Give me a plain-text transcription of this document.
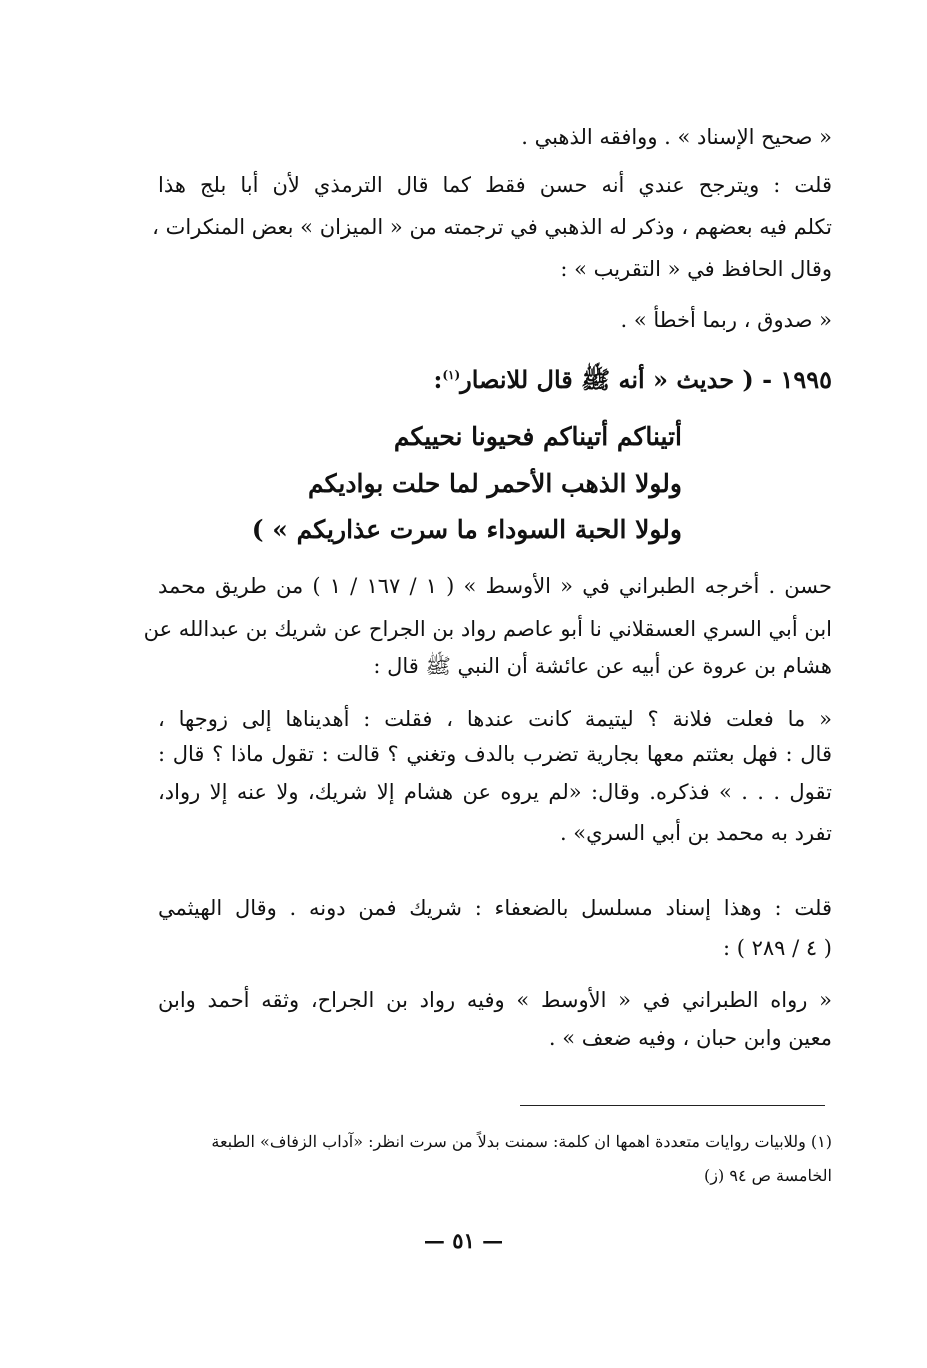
« صحيح الإسناد » . ووافقه الذهبي .
قلت : ويترجح عندي أنه حسن فقط كما قال الترمذي لأن أبا بلج هذا
تكلم فيه بعضهم ، وذكر له الذهبي في ترجمته من « الميزان » بعض المنكرات ،
وقال الحافظ في « التقريب » :
« صدوق ، ربما أخطأ » .
١٩٩٥ - ( حديث « أنه ﷺ قال للانصار$^{(١)}$:
أتيناكم أتيناكم فحيونا نحييكم
ولولا الذهب الأحمر لما حلت بواديكم
ولولا الحبة السوداء ما سرت عذاريكم » )
حسن . أخرجه الطبراني في « الأوسط » ( ١ / ١٦٧ / ١ ) من طريق محمد
ابن أبي السري العسقلاني نا أبو عاصم رواد بن الجراح عن شريك بن عبدالله عن
هشام بن عروة عن أبيه عن عائشة أن النبي ﷺ قال :
« ما فعلت فلانة ؟ ليتيمة كانت عندها ، فقلت : أهديناها إلى زوجها ،
قال : فهل بعثتم معها بجارية تضرب بالدف وتغني ؟ قالت : تقول ماذا ؟ قال :
تقول . . . » فذكره. وقال: «لم يروه عن هشام إلا شريك، ولا عنه إلا رواد،
تفرد به محمد بن أبي السري» .
قلت : وهذا إسناد مسلسل بالضعفاء : شريك فمن دونه . وقال الهيثمي
( ٤ / ٢٨٩ ) :
« رواه الطبراني في « الأوسط » وفيه رواد بن الجراح، وثقه أحمد وابن
معين وابن حبان ، وفيه ضعف » .
(١) وللابيات روايات متعددة اهمها ان كلمة: سمنت بدلاً من سرت انظر: «آداب الزفاف» الطبعة
الخامسة ص ٩٤ (ز)
— ٥١ —
